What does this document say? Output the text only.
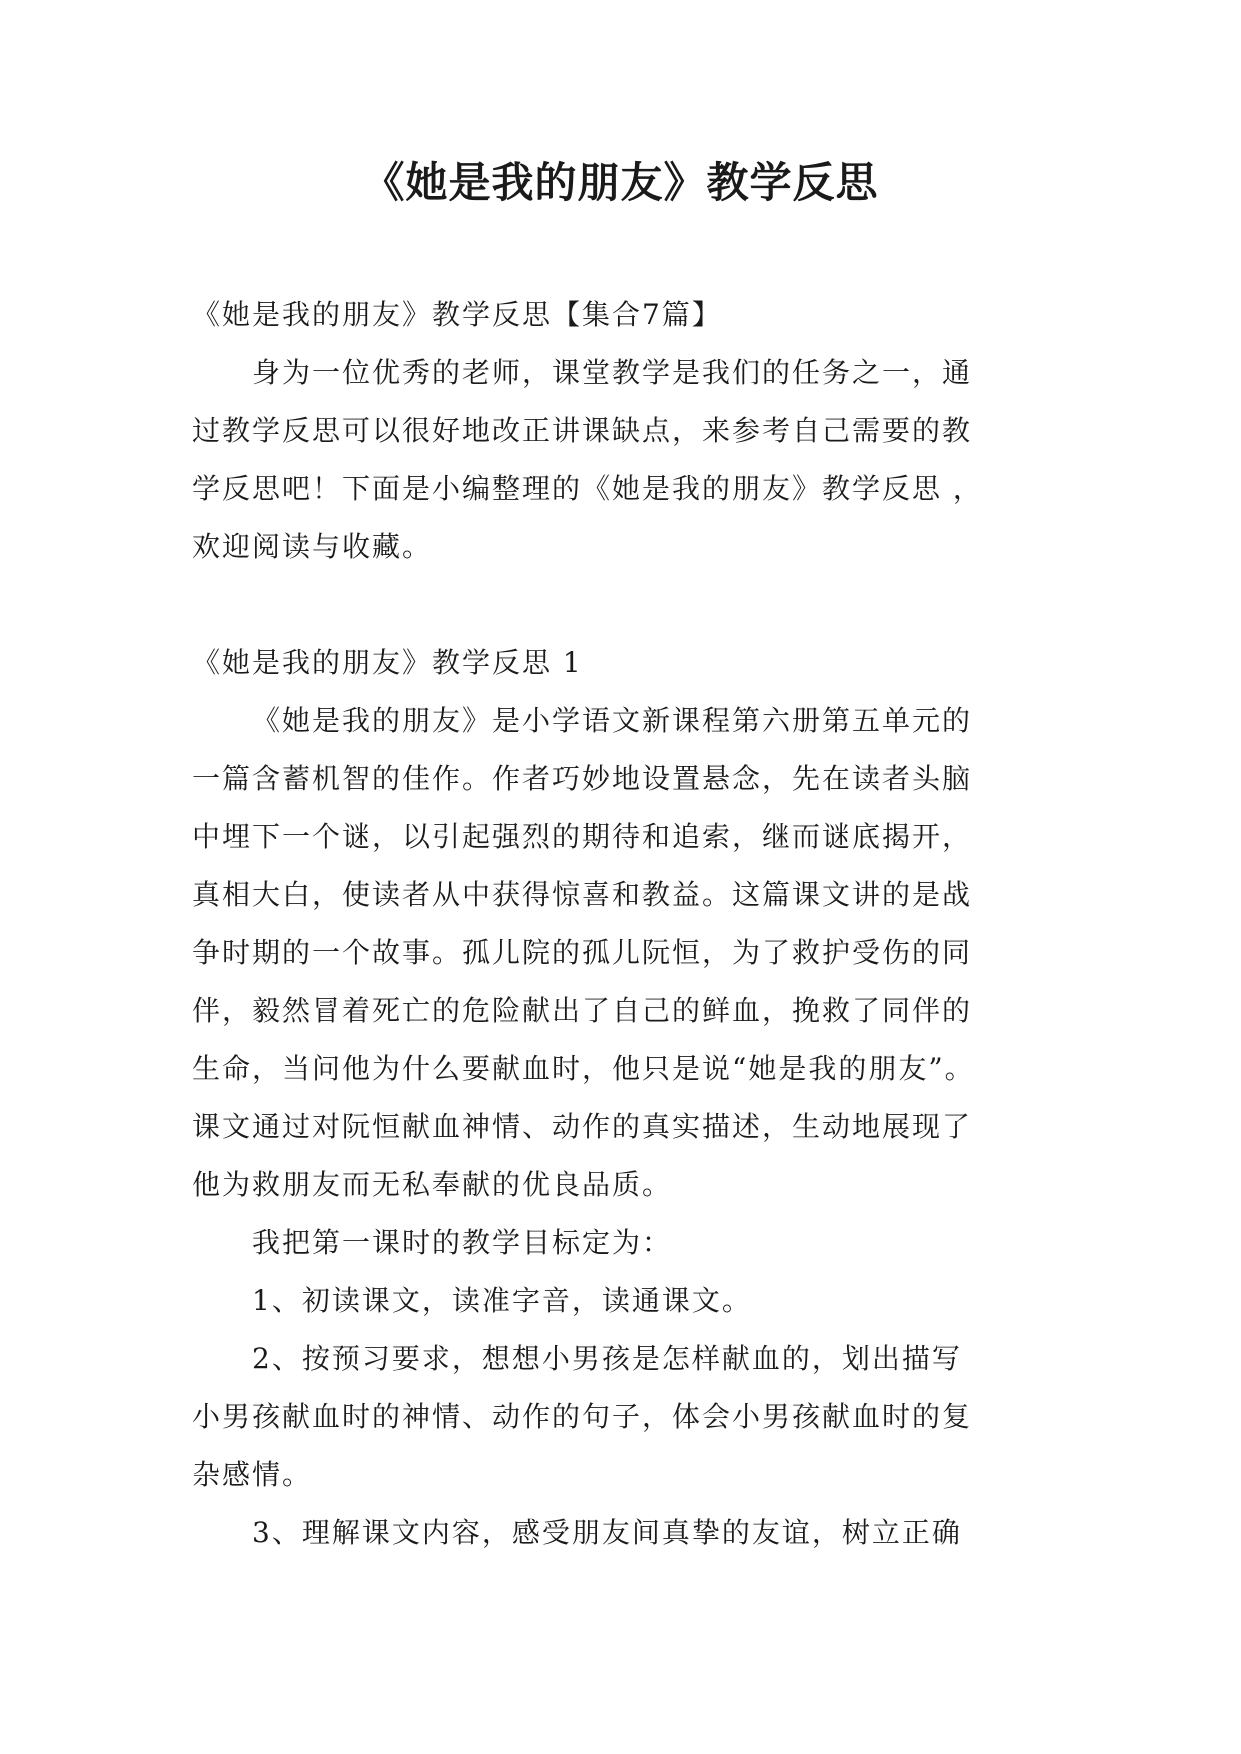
《她是我的朋友》教学反思
《她是我的朋友》教学反思【集合7篇】
身为一位优秀的老师，课堂教学是我们的任务之一，通
过教学反思可以很好地改正讲课缺点，来参考自己需要的教
学反思吧！下面是小编整理的《她是我的朋友》教学反思 ，
欢迎阅读与收藏。
《她是我的朋友》教学反思 1
《她是我的朋友》是小学语文新课程第六册第五单元的
一篇含蓄机智的佳作。作者巧妙地设置悬念，先在读者头脑
中埋下一个谜，以引起强烈的期待和追索，继而谜底揭开，
真相大白，使读者从中获得惊喜和教益。这篇课文讲的是战
争时期的一个故事。孤儿院的孤儿阮恒，为了救护受伤的同
伴，毅然冒着死亡的危险献出了自己的鲜血，挽救了同伴的
生命，当问他为什么要献血时，他只是说“她是我的朋友”。
课文通过对阮恒献血神情、动作的真实描述，生动地展现了
他为救朋友而无私奉献的优良品质。
我把第一课时的教学目标定为：
1、初读课文，读准字音，读通课文。
2、按预习要求，想想小男孩是怎样献血的，划出描写
小男孩献血时的神情、动作的句子，体会小男孩献血时的复
杂感情。
3、理解课文内容，感受朋友间真挚的友谊，树立正确
